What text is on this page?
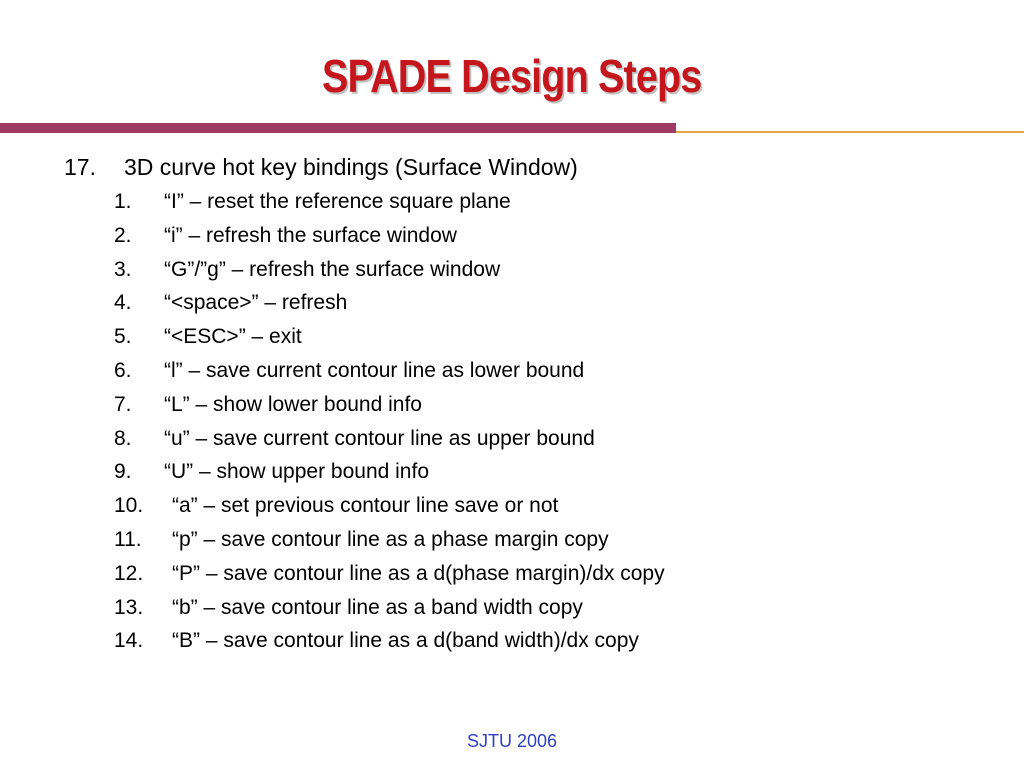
SPADE Design Steps
17. 3D curve hot key bindings (Surface Window)
1. “I” – reset the reference square plane
2. “i” – refresh the surface window
3. “G”/”g” – refresh the surface window
4. “<space>” – refresh
5. “<ESC>” – exit
6. “l” – save current contour line as lower bound
7. “L” – show lower bound info
8. “u” – save current contour line as upper bound
9. “U” – show upper bound info
10. “a” – set previous contour line save or not
11. “p” – save contour line as a phase margin copy
12. “P” – save contour line as a d(phase margin)/dx copy
13. “b” – save contour line as a band width copy
14. “B” – save contour line as a d(band width)/dx copy
SJTU 2006
